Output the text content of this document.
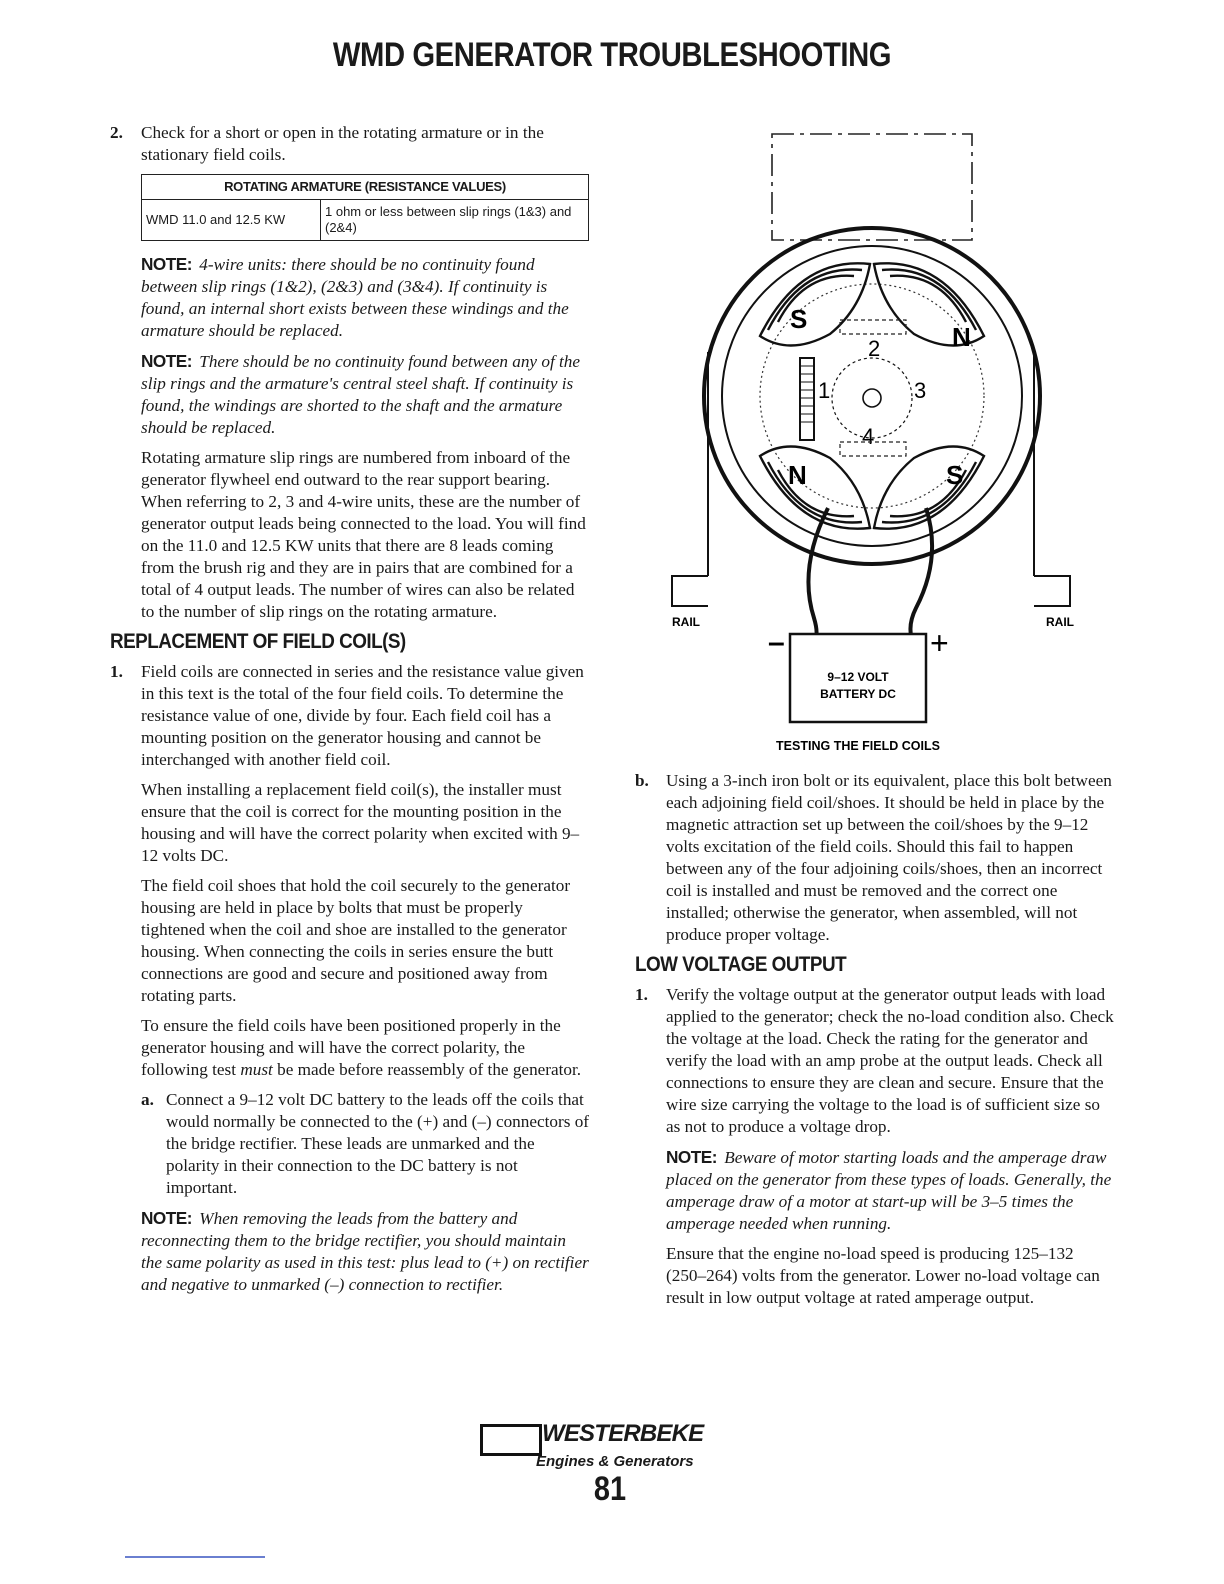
WMD GENERATOR TROUBLESHOOTING
2. Check for a short or open in the rotating armature or in the stationary field coils.
ROTATING ARMATURE (RESISTANCE VALUES)
WMD 11.0 and 12.5 KW	1 ohm or less between slip rings (1&3) and (2&4)
NOTE: 4-wire units: there should be no continuity found between slip rings (1&2), (2&3) and (3&4). If continuity is found, an internal short exists between these windings and the armature should be replaced.
NOTE: There should be no continuity found between any of the slip rings and the armature's central steel shaft. If continuity is found, the windings are shorted to the shaft and the armature should be replaced.
Rotating armature slip rings are numbered from inboard of the generator flywheel end outward to the rear support bearing. When referring to 2, 3 and 4-wire units, these are the number of generator output leads being connected to the load. You will find on the 11.0 and 12.5 KW units that there are 8 leads coming from the brush rig and they are in pairs that are combined for a total of 4 output leads. The number of wires can also be related to the number of slip rings on the rotating armature.
REPLACEMENT OF FIELD COIL(S)
1. Field coils are connected in series and the resistance value given in this text is the total of the four field coils. To determine the resistance value of one, divide by four. Each field coil has a mounting position on the generator housing and cannot be interchanged with another field coil.
When installing a replacement field coil(s), the installer must ensure that the coil is correct for the mounting position in the housing and will have the correct polarity when excited with 9–12 volts DC.
The field coil shoes that hold the coil securely to the generator housing are held in place by bolts that must be properly tightened when the coil and shoe are installed to the generator housing. When connecting the coils in series ensure the butt connections are good and secure and positioned away from rotating parts.
To ensure the field coils have been positioned properly in the generator housing and will have the correct polarity, the following test must be made before reassembly of the generator.
a. Connect a 9–12 volt DC battery to the leads off the coils that would normally be connected to the (+) and (–) connectors of the bridge rectifier. These leads are unmarked and the polarity in their connection to the DC battery is not important.
NOTE: When removing the leads from the battery and reconnecting them to the bridge rectifier, you should maintain the same polarity as used in this test: plus lead to (+) on rectifier and negative to unmarked (–) connection to rectifier.
S
N
N	S
1
2
3
4
RAIL	RAIL
9–12 VOLT
BATTERY DC
–	+
TESTING THE FIELD COILS
b. Using a 3-inch iron bolt or its equivalent, place this bolt between each adjoining field coil/shoes. It should be held in place by the magnetic attraction set up between the coil/shoes by the 9–12 volts excitation of the field coils. Should this fail to happen between any of the four adjoining coils/shoes, then an incorrect coil is installed and must be removed and the correct one installed; otherwise the generator, when assembled, will not produce proper voltage.
LOW VOLTAGE OUTPUT
1. Verify the voltage output at the generator output leads with load applied to the generator; check the no-load condition also. Check the voltage at the load. Check the rating for the generator and verify the load with an amp probe at the output leads. Check all connections to ensure they are clean and secure. Ensure that the wire size carrying the voltage to the load is of sufficient size so as not to produce a voltage drop.
NOTE: Beware of motor starting loads and the amperage draw placed on the generator from these types of loads. Generally, the amperage draw of a motor at start-up will be 3–5 times the amperage needed when running.
Ensure that the engine no-load speed is producing 125–132 (250–264) volts from the generator. Lower no-load voltage can result in low output voltage at rated amperage output.
WESTERBEKE
Engines & Generators
81
